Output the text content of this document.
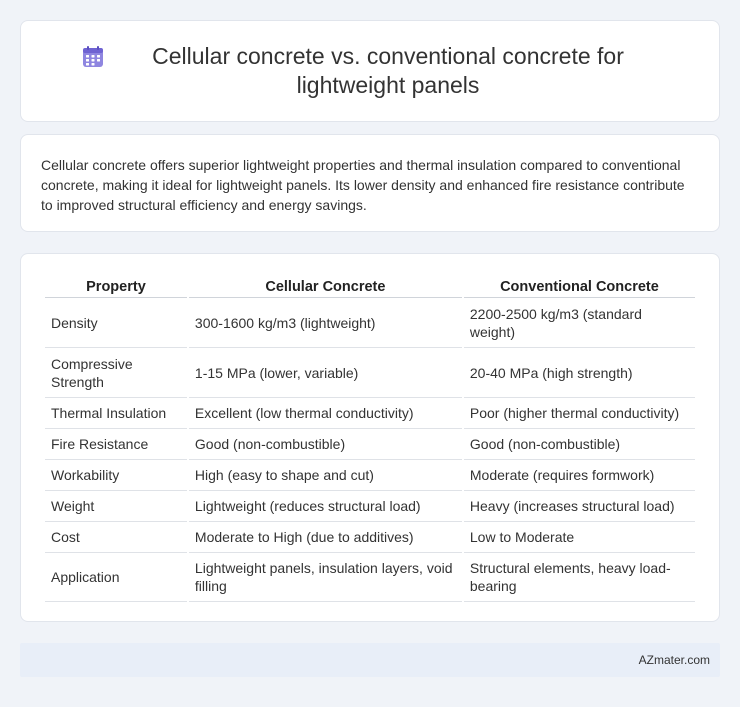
Cellular concrete vs. conventional concrete for lightweight panels

Cellular concrete offers superior lightweight properties and thermal insulation compared to conventional concrete, making it ideal for lightweight panels. Its lower density and enhanced fire resistance contribute to improved structural efficiency and energy savings.

Property	Cellular Concrete	Conventional Concrete
Density	300-1600 kg/m3 (lightweight)	2200-2500 kg/m3 (standard weight)
Compressive Strength	1-15 MPa (lower, variable)	20-40 MPa (high strength)
Thermal Insulation	Excellent (low thermal conductivity)	Poor (higher thermal conductivity)
Fire Resistance	Good (non-combustible)	Good (non-combustible)
Workability	High (easy to shape and cut)	Moderate (requires formwork)
Weight	Lightweight (reduces structural load)	Heavy (increases structural load)
Cost	Moderate to High (due to additives)	Low to Moderate
Application	Lightweight panels, insulation layers, void filling	Structural elements, heavy load-bearing
AZmater.com
